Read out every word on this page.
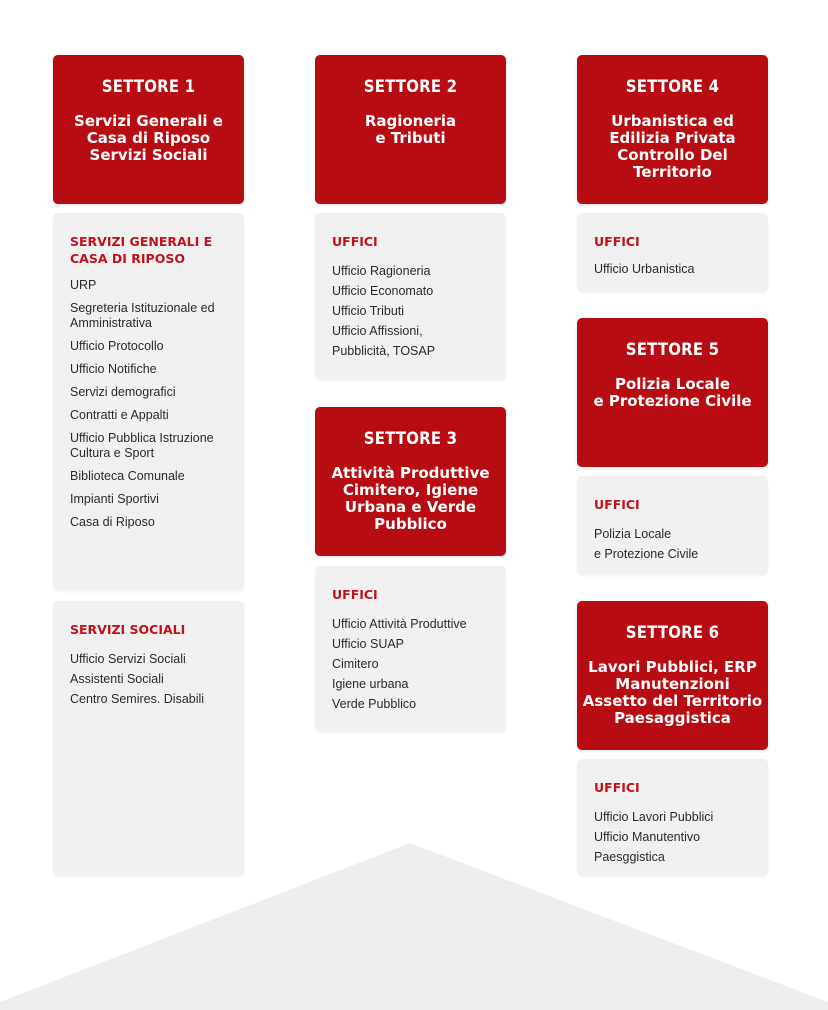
SETTORE 1
Servizi Generali e
Casa di Riposo
Servizi Sociali
SERVIZI GENERALI E CASA DI RIPOSO
URP
Segreteria Istituzionale ed Amministrativa
Ufficio Protocollo
Ufficio Notifiche
Servizi demografici
Contratti e Appalti
Ufficio Pubblica Istruzione Cultura e Sport
Biblioteca Comunale
Impianti Sportivi
Casa di Riposo
SERVIZI SOCIALI
Ufficio Servizi Sociali
Assistenti Sociali
Centro Semires. Disabili
SETTORE 2
Ragioneria
e Tributi
UFFICI
Ufficio Ragioneria
Ufficio Economato
Ufficio Tributi
Ufficio Affissioni,
Pubblicità, TOSAP
SETTORE 3
Attività Produttive
Cimitero, Igiene
Urbana e Verde
Pubblico
UFFICI
Ufficio Attività Produttive
Ufficio SUAP
Cimitero
Igiene urbana
Verde Pubblico
SETTORE 4
Urbanistica ed
Edilizia Privata
Controllo Del
Territorio
UFFICI
Ufficio Urbanistica
SETTORE 5
Polizia Locale
e Protezione Civile
UFFICI
Polizia Locale
e Protezione Civile
SETTORE 6
Lavori Pubblici, ERP
Manutenzioni
Assetto del Territorio
Paesaggistica
UFFICI
Ufficio Lavori Pubblici
Ufficio Manutentivo
Paesggistica
